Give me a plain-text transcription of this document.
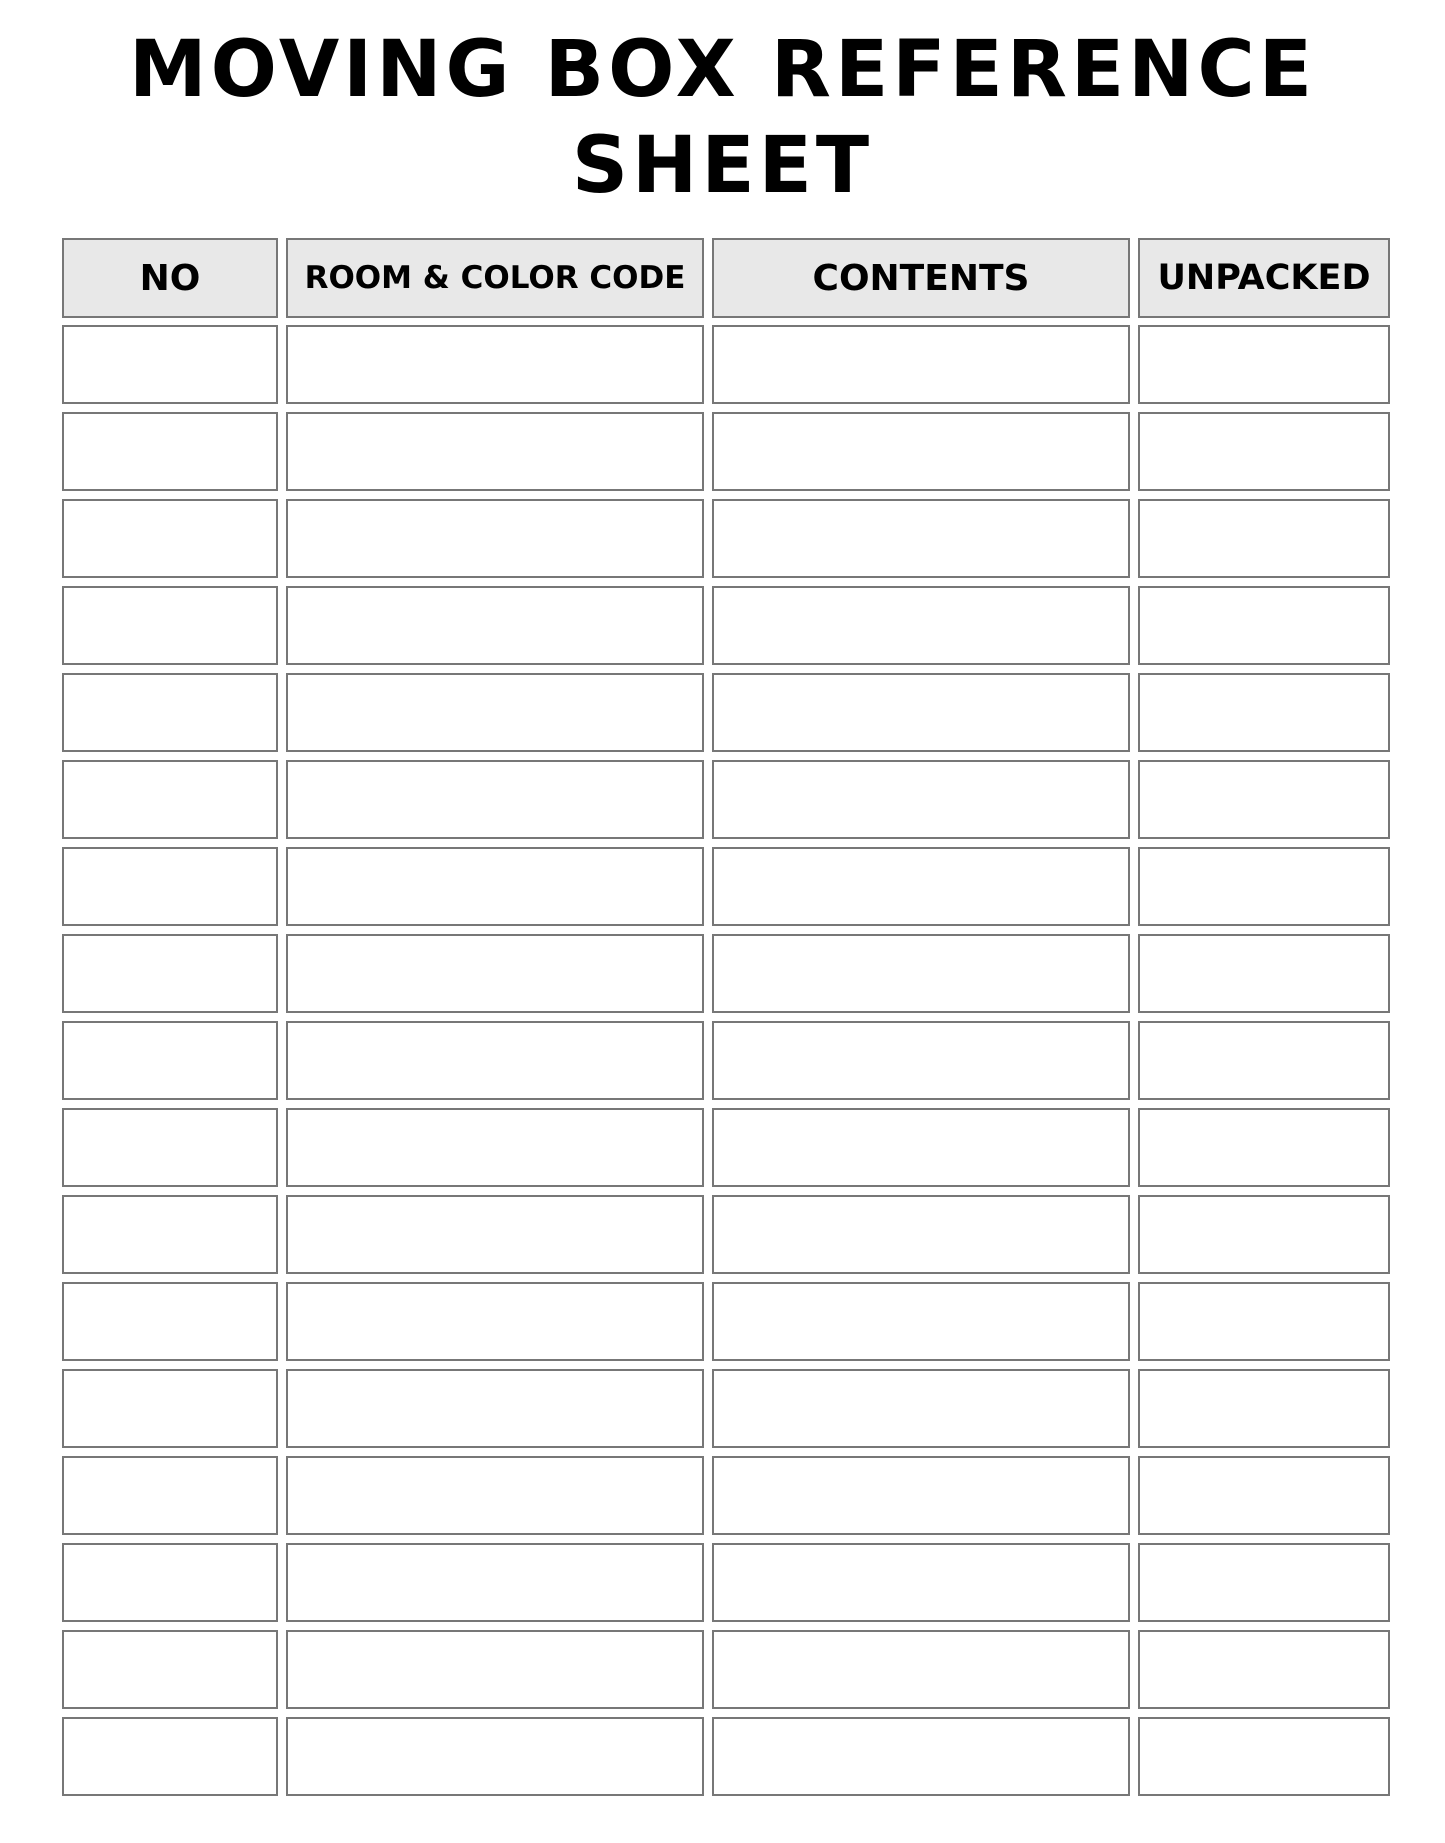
MOVING BOX REFERENCE
SHEET
NO	ROOM & COLOR CODE	CONTENTS	UNPACKED
